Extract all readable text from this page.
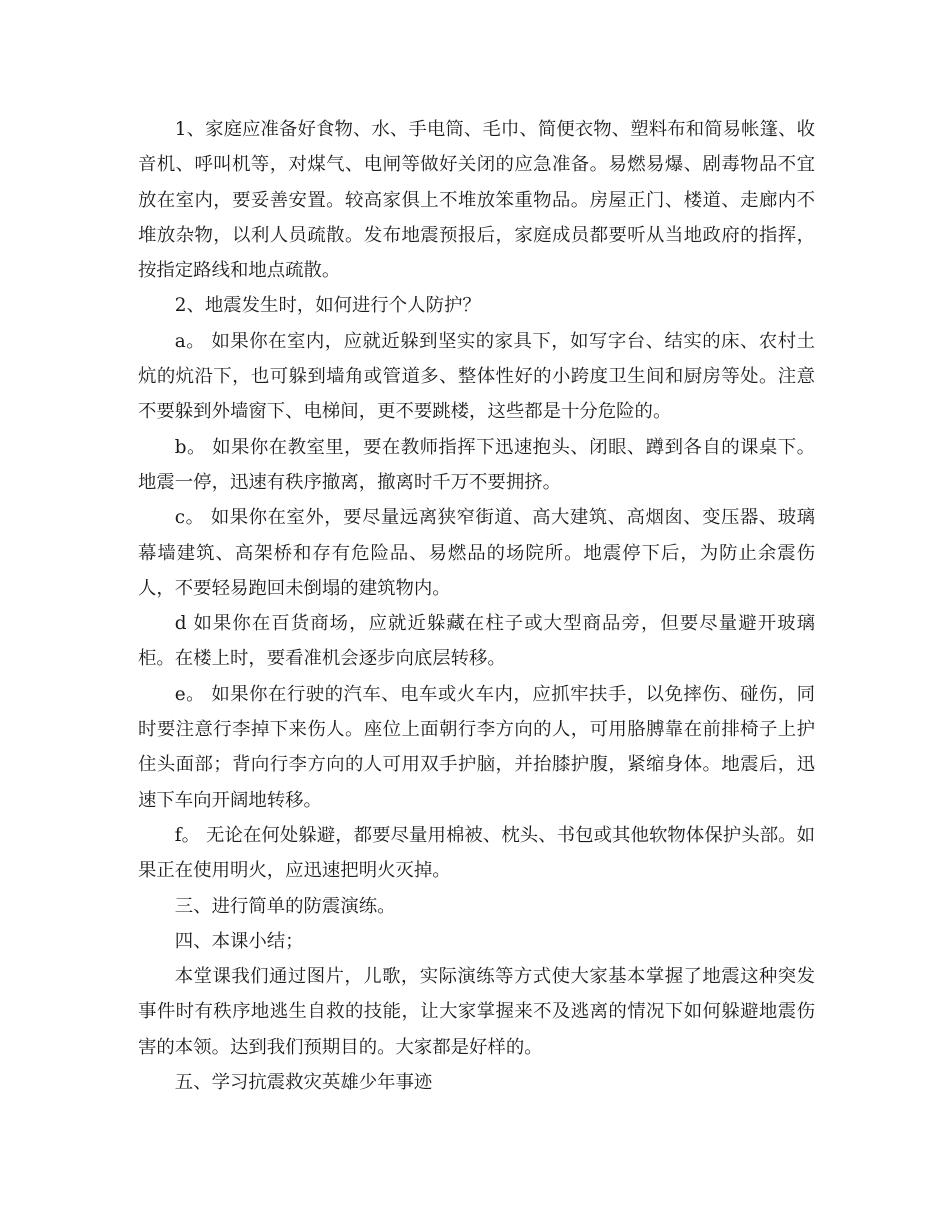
1、家庭应准备好食物、水、手电筒、毛巾、简便衣物、塑料布和简易帐篷、收音机、呼叫机等，对煤气、电闸等做好关闭的应急准备。易燃易爆、剧毒物品不宜放在室内，要妥善安置。较高家俱上不堆放笨重物品。房屋正门、楼道、走廊内不堆放杂物，以利人员疏散。发布地震预报后，家庭成员都要听从当地政府的指挥，按指定路线和地点疏散。

2、地震发生时，如何进行个人防护？

a。 如果你在室内，应就近躲到坚实的家具下，如写字台、结实的床、农村土炕的炕沿下，也可躲到墙角或管道多、整体性好的小跨度卫生间和厨房等处。注意不要躲到外墙窗下、电梯间，更不要跳楼，这些都是十分危险的。

b。 如果你在教室里，要在教师指挥下迅速抱头、闭眼、蹲到各自的课桌下。地震一停，迅速有秩序撤离，撤离时千万不要拥挤。

c。 如果你在室外，要尽量远离狭窄街道、高大建筑、高烟囱、变压器、玻璃幕墙建筑、高架桥和存有危险品、易燃品的场院所。地震停下后，为防止余震伤人，不要轻易跑回未倒塌的建筑物内。

d 如果你在百货商场，应就近躲藏在柱子或大型商品旁，但要尽量避开玻璃柜。在楼上时，要看准机会逐步向底层转移。

e。 如果你在行驶的汽车、电车或火车内，应抓牢扶手，以免摔伤、碰伤，同时要注意行李掉下来伤人。座位上面朝行李方向的人，可用胳膊靠在前排椅子上护住头面部；背向行李方向的人可用双手护脑，并抬膝护腹，紧缩身体。地震后，迅速下车向开阔地转移。

f。 无论在何处躲避，都要尽量用棉被、枕头、书包或其他软物体保护头部。如果正在使用明火，应迅速把明火灭掉。

三、进行简单的防震演练。

四、本课小结；

本堂课我们通过图片，儿歌，实际演练等方式使大家基本掌握了地震这种突发事件时有秩序地逃生自救的技能，让大家掌握来不及逃离的情况下如何躲避地震伤害的本领。达到我们预期目的。大家都是好样的。

五、学习抗震救灾英雄少年事迹
